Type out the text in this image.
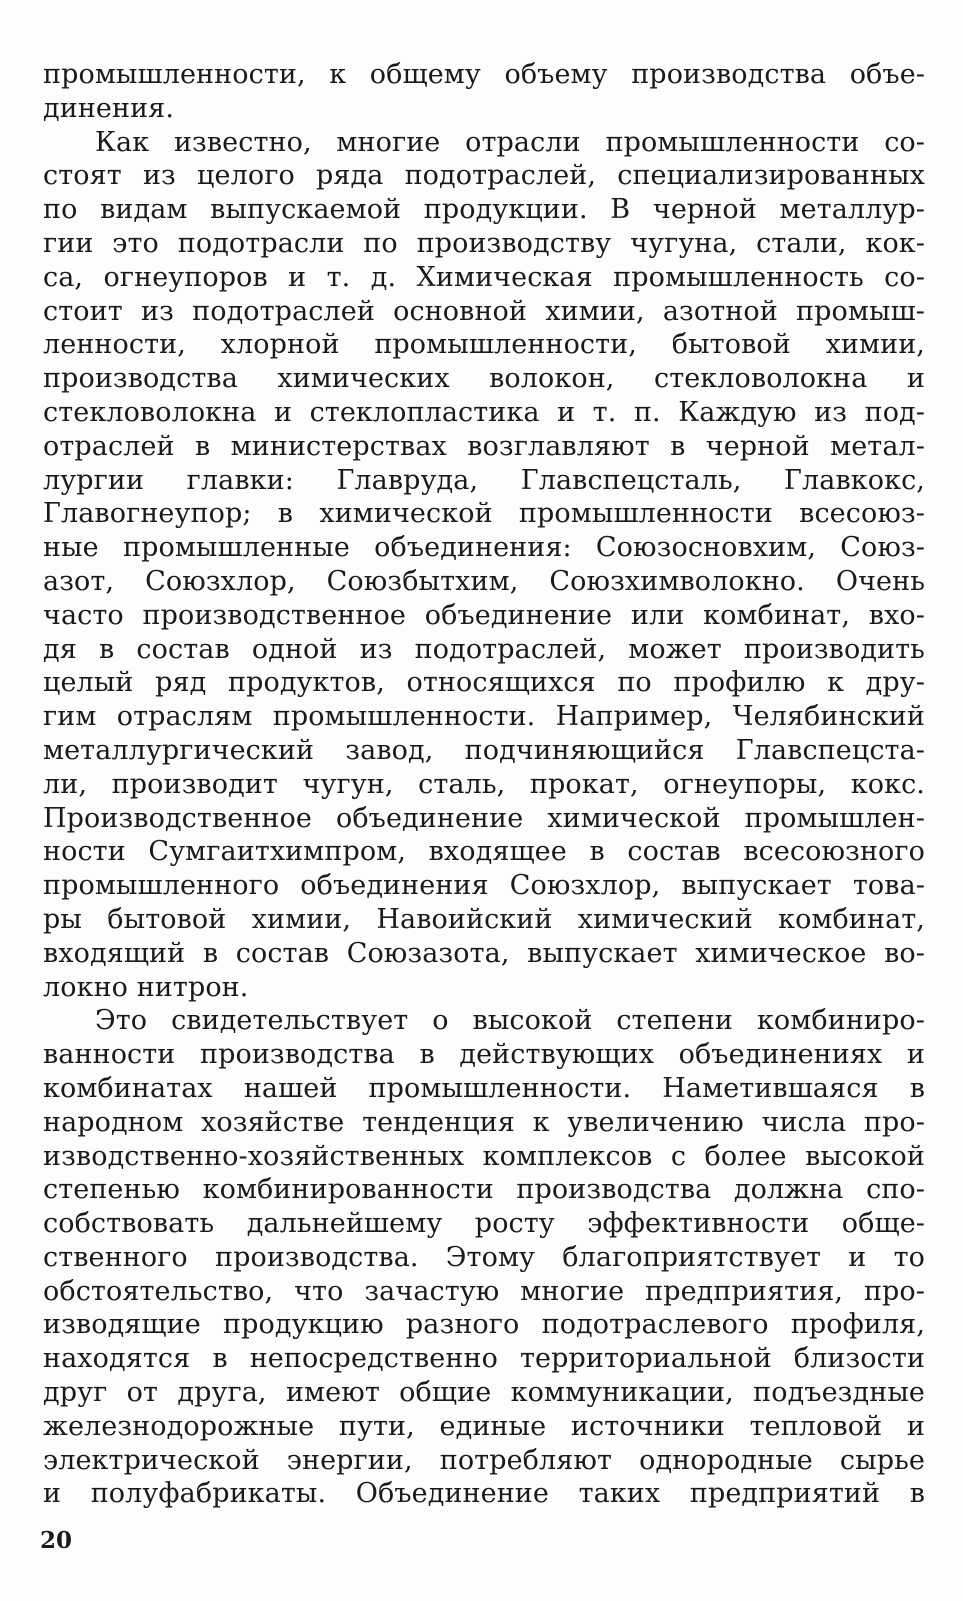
промышленности, к общему объему производства объе-
динения.
Как известно, многие отрасли промышленности со-
стоят из целого ряда подотраслей, специализированных
по видам выпускаемой продукции. В черной металлур-
гии это подотрасли по производству чугуна, стали, кок-
са, огнеупоров и т. д. Химическая промышленность со-
стоит из подотраслей основной химии, азотной промыш-
ленности, хлорной промышленности, бытовой химии,
производства химических волокон, стекловолокна и
стекловолокна и стеклопластика и т. п. Каждую из под-
отраслей в министерствах возглавляют в черной метал-
лургии главки: Главруда, Главспецсталь, Главкокс,
Главогнеупор; в химической промышленности всесоюз-
ные промышленные объединения: Союзосновхим, Союз-
азот, Союзхлор, Союзбытхим, Союзхимволокно. Очень
часто производственное объединение или комбинат, вхо-
дя в состав одной из подотраслей, может производить
целый ряд продуктов, относящихся по профилю к дру-
гим отраслям промышленности. Например, Челябинский
металлургический завод, подчиняющийся Главспецста-
ли, производит чугун, сталь, прокат, огнеупоры, кокс.
Производственное объединение химической промышлен-
ности Сумгаитхимпром, входящее в состав всесоюзного
промышленного объединения Союзхлор, выпускает това-
ры бытовой химии, Навоийский химический комбинат,
входящий в состав Союзазота, выпускает химическое во-
локно нитрон.
Это свидетельствует о высокой степени комбиниро-
ванности производства в действующих объединениях и
комбинатах нашей промышленности. Наметившаяся в
народном хозяйстве тенденция к увеличению числа про-
изводственно-хозяйственных комплексов с более высокой
степенью комбинированности производства должна спо-
собствовать дальнейшему росту эффективности обще-
ственного производства. Этому благоприятствует и то
обстоятельство, что зачастую многие предприятия, про-
изводящие продукцию разного подотраслевого профиля,
находятся в непосредственно территориальной близости
друг от друга, имеют общие коммуникации, подъездные
железнодорожные пути, единые источники тепловой и
электрической энергии, потребляют однородные сырье
и полуфабрикаты. Объединение таких предприятий в
20
